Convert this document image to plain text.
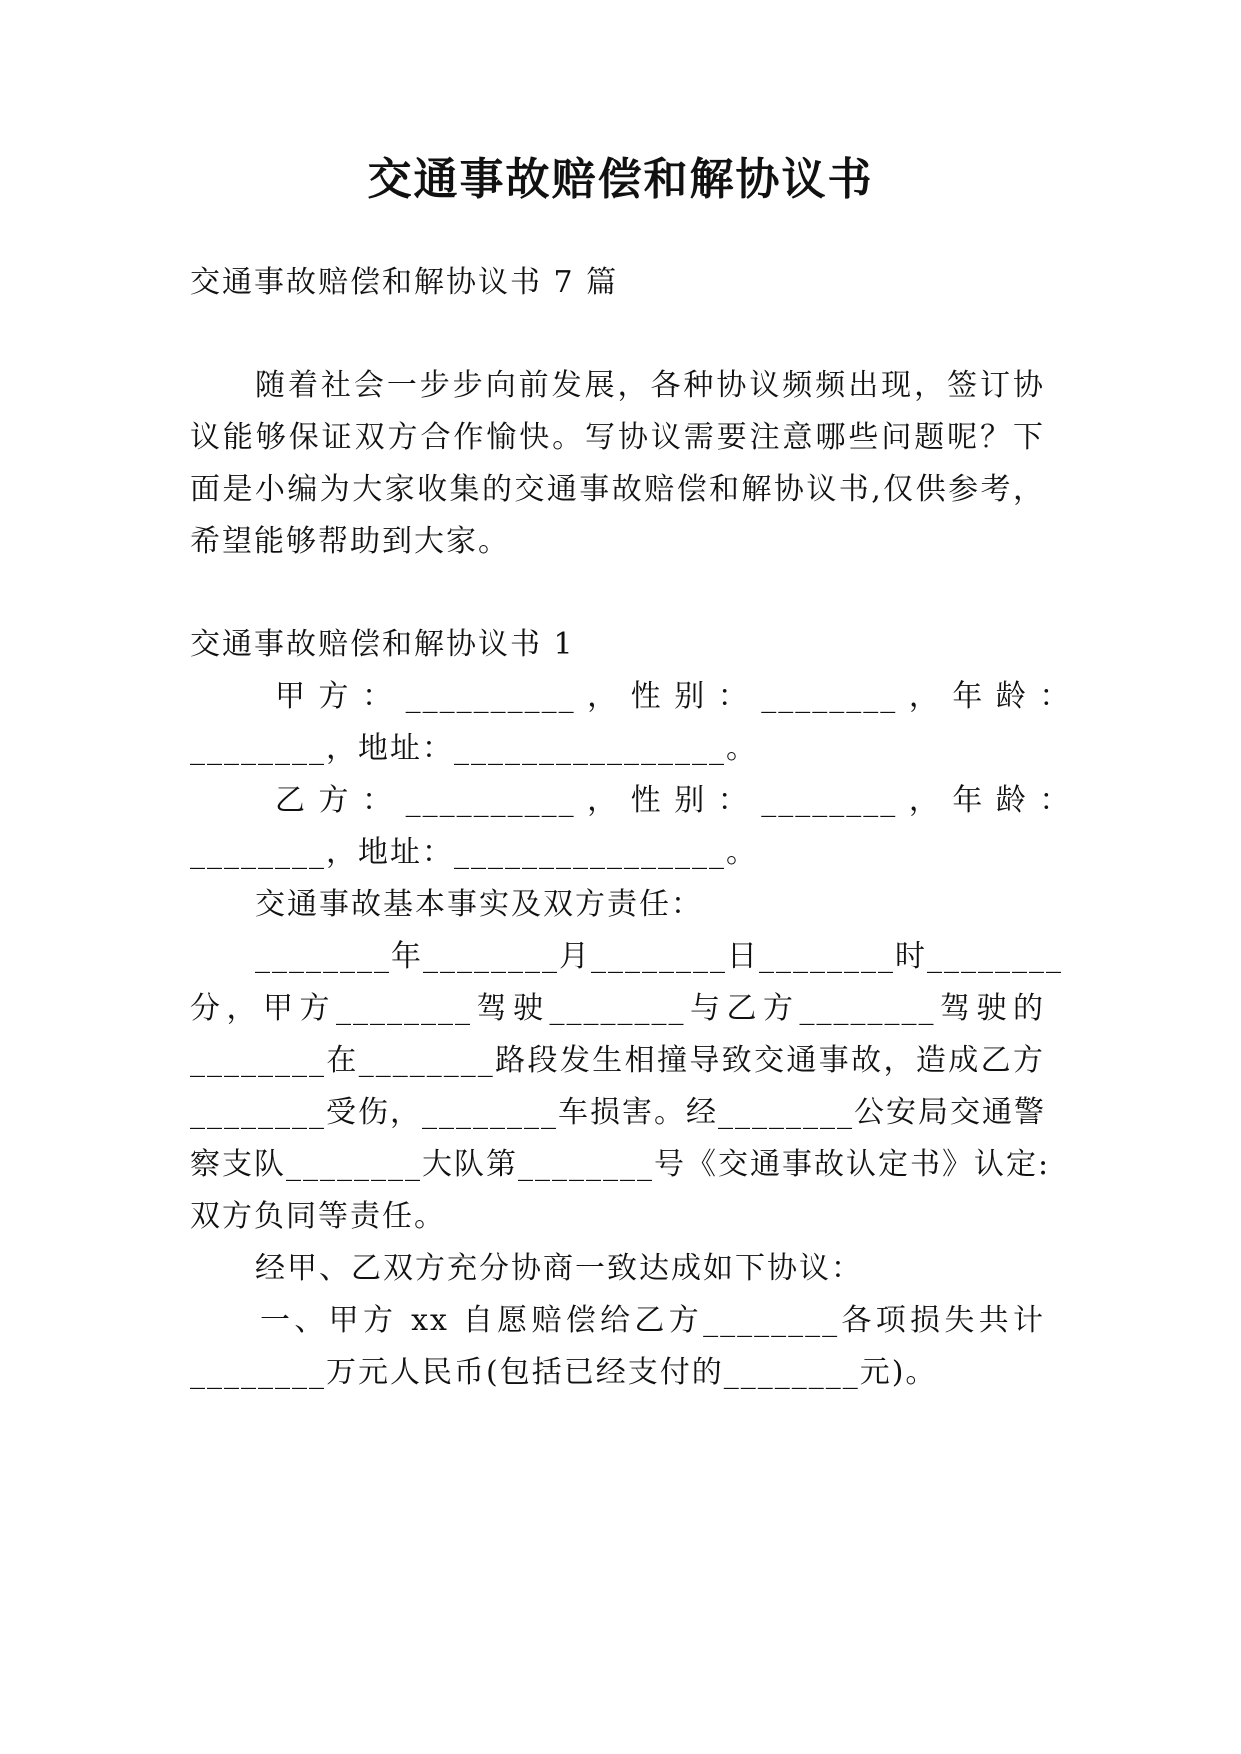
交通事故赔偿和解协议书
交通事故赔偿和解协议书 7 篇
随着社会一步步向前发展，各种协议频频出现，签订协
议能够保证双方合作愉快。写协议需要注意哪些问题呢？下
面是小编为大家收集的交通事故赔偿和解协议书,仅供参考，
希望能够帮助到大家。
交通事故赔偿和解协议书 1
甲 方 ： __________ ， 性 别 ： ________ ， 年 龄 ：
________，地址：________________。
乙 方 ： __________ ， 性 别 ： ________ ， 年 龄 ：
________，地址：________________。
交通事故基本事实及双方责任：
________年________月________日________时________
分，甲方________驾驶________与乙方________驾驶的
________在________路段发生相撞导致交通事故，造成乙方
________受伤，________车损害。经________公安局交通警
察支队________大队第________号《交通事故认定书》认定:
双方负同等责任。
经甲、乙双方充分协商一致达成如下协议：
一、甲方 xx 自愿赔偿给乙方________各项损失共计
________万元人民币(包括已经支付的________元)。
